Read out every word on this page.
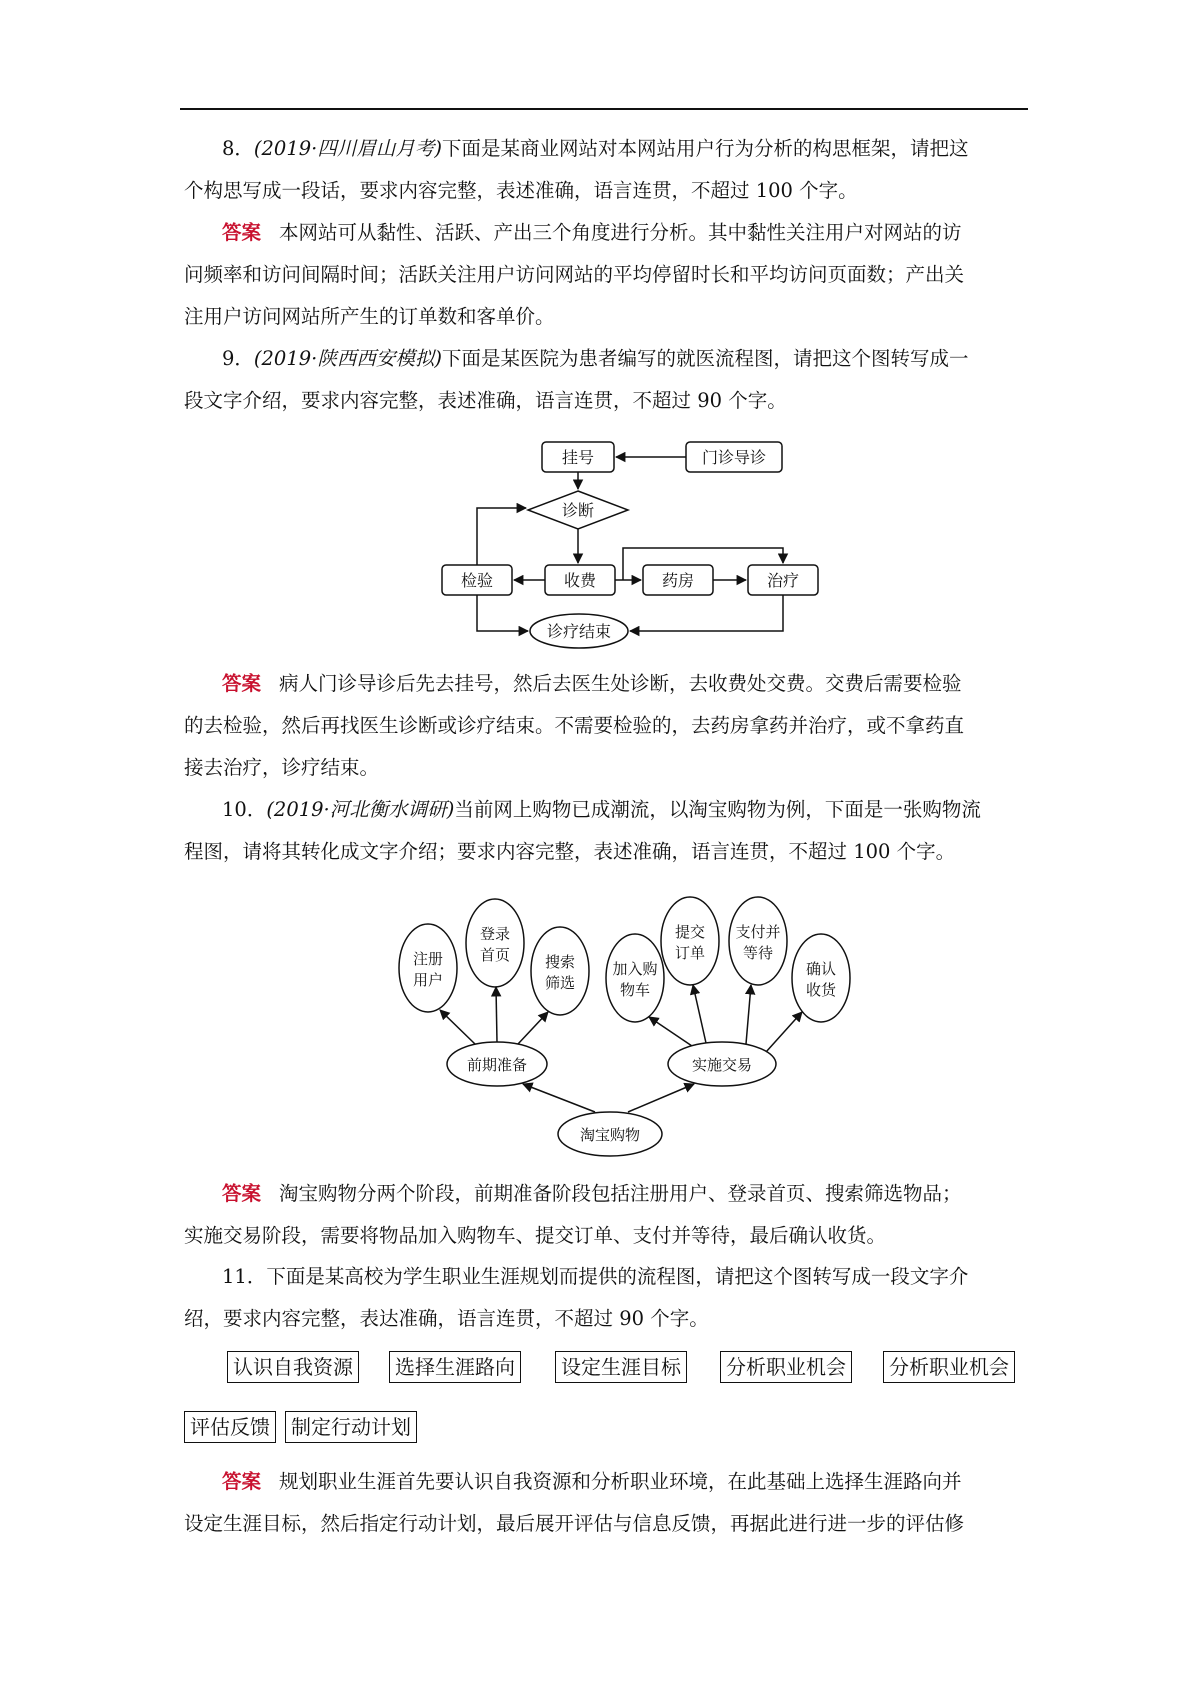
8．(2019·四川眉山月考)下面是某商业网站对本网站用户行为分析的构思框架，请把这
个构思写成一段话，要求内容完整，表述准确，语言连贯，不超过 100 个字。

答案 本网站可从黏性、活跃、产出三个角度进行分析。其中黏性关注用户对网站的访
问频率和访问间隔时间；活跃关注用户访问网站的平均停留时长和平均访问页面数；产出关
注用户访问网站所产生的订单数和客单价。

9．(2019·陕西西安模拟)下面是某医院为患者编写的就医流程图，请把这个图转写成一
段文字介绍，要求内容完整，表述准确，语言连贯，不超过 90 个字。

挂号	门诊导诊
诊断
检验	收费	药房	治疗
诊疗结束

答案 病人门诊导诊后先去挂号，然后去医生处诊断，去收费处交费。交费后需要检验
的去检验，然后再找医生诊断或诊疗结束。不需要检验的，去药房拿药并治疗，或不拿药直
接去治疗，诊疗结束。

10．(2019·河北衡水调研)当前网上购物已成潮流，以淘宝购物为例，下面是一张购物流
程图，请将其转化成文字介绍；要求内容完整，表述准确，语言连贯，不超过 100 个字。

淘宝购物
前期准备	实施交易
注册
用户
登录
首页 搜索
筛选
加入购
物车
提交
订单
支付并
等待
确认
收货

答案 淘宝购物分两个阶段，前期准备阶段包括注册用户、登录首页、搜索筛选物品；
实施交易阶段，需要将物品加入购物车、提交订单、支付并等待，最后确认收货。

11．下面是某高校为学生职业生涯规划而提供的流程图，请把这个图转写成一段文字介
绍，要求内容完整，表达准确，语言连贯，不超过 90 个字。

认识自我资源	选择生涯路向	设定生涯目标	分析职业机会	分析职业机会
评估反馈	制定行动计划

答案 规划职业生涯首先要认识自我资源和分析职业环境，在此基础上选择生涯路向并
设定生涯目标，然后指定行动计划，最后展开评估与信息反馈，再据此进行进一步的评估修
